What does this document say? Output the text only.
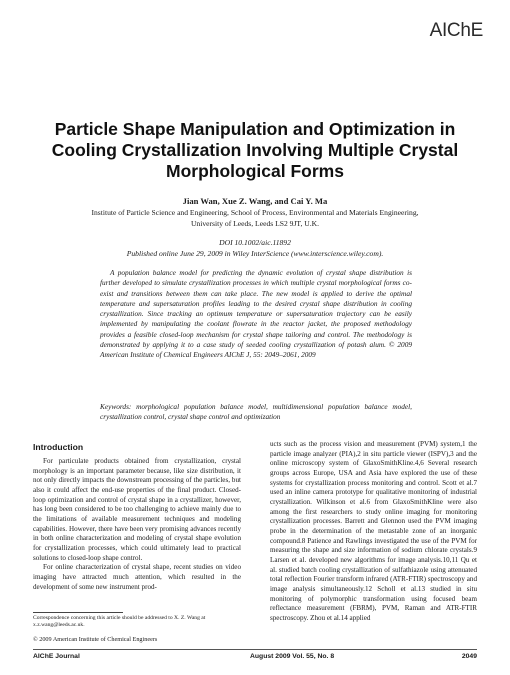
AIChE
Particle Shape Manipulation and Optimization in Cooling Crystallization Involving Multiple Crystal Morphological Forms
Jian Wan, Xue Z. Wang, and Cai Y. Ma
Institute of Particle Science and Engineering, School of Process, Environmental and Materials Engineering,
University of Leeds, Leeds LS2 9JT, U.K.
DOI 10.1002/aic.11892
Published online June 29, 2009 in Wiley InterScience (www.interscience.wiley.com).
A population balance model for predicting the dynamic evolution of crystal shape distribution is further developed to simulate crystallization processes in which multiple crystal morphological forms co-exist and transitions between them can take place. The new model is applied to derive the optimal temperature and supersaturation profiles leading to the desired crystal shape distribution in cooling crystallization. Since tracking an optimum temperature or supersaturation trajectory can be easily implemented by manipulating the coolant flowrate in the reactor jacket, the proposed methodology provides a feasible closed-loop mechanism for crystal shape tailoring and control. The methodology is demonstrated by applying it to a case study of seeded cooling crystallization of potash alum. © 2009 American Institute of Chemical Engineers AIChE J, 55: 2049–2061, 2009
Keywords: morphological population balance model, multidimensional population balance model, crystallization control, crystal shape control and optimization
Introduction

For particulate products obtained from crystallization, crystal morphology is an important parameter because, like size distribution, it not only directly impacts the downstream processing of the particles, but also it could affect the end-use properties of the final product. Closed-loop optimization and control of crystal shape in a crystallizer, however, has long been considered to be too challenging to achieve mainly due to the limitations of available measurement techniques and modeling capabilities. However, there have been very promising advances recently in both online characterization and modeling of crystal shape evolution for crystallization processes, which could ultimately lead to practical solutions to closed-loop shape control.

For online characterization of crystal shape, recent studies on video imaging have attracted much attention, which resulted in the development of some new instrument prod-

ucts such as the process vision and measurement (PVM) system,1 the particle image analyzer (PIA),2 in situ particle viewer (ISPV),3 and the online microscopy system of GlaxoSmithKline.4,6 Several research groups across Europe, USA and Asia have explored the use of these systems for crystallization process monitoring and control. Scott et al.7 used an inline camera prototype for qualitative monitoring of industrial crystallization. Wilkinson et al.6 from GlaxoSmithKline were also among the first researchers to study online imaging for monitoring crystallization processes. Barrett and Glennon used the PVM imaging probe in the determination of the metastable zone of an inorganic compound.8 Patience and Rawlings investigated the use of the PVM for measuring the shape and size information of sodium chlorate crystals.9 Larsen et al. developed new algorithms for image analysis.10,11 Qu et al. studied batch cooling crystallization of sulfathiazole using attenuated total reflection Fourier transform infrared (ATR-FTIR) spectroscopy and image analysis simultaneously.12 Scholl et al.13 studied in situ monitoring of polymorphic transformation using focused beam reflectance measurement (FBRM), PVM, Raman and ATR-FTIR spectroscopy. Zhou et al.14 applied

Correspondence concerning this article should be addressed to X. Z. Wang at x.z.wang@leeds.ac.uk.
© 2009 American Institute of Chemical Engineers
AIChE Journal	August 2009 Vol. 55, No. 8	2049
